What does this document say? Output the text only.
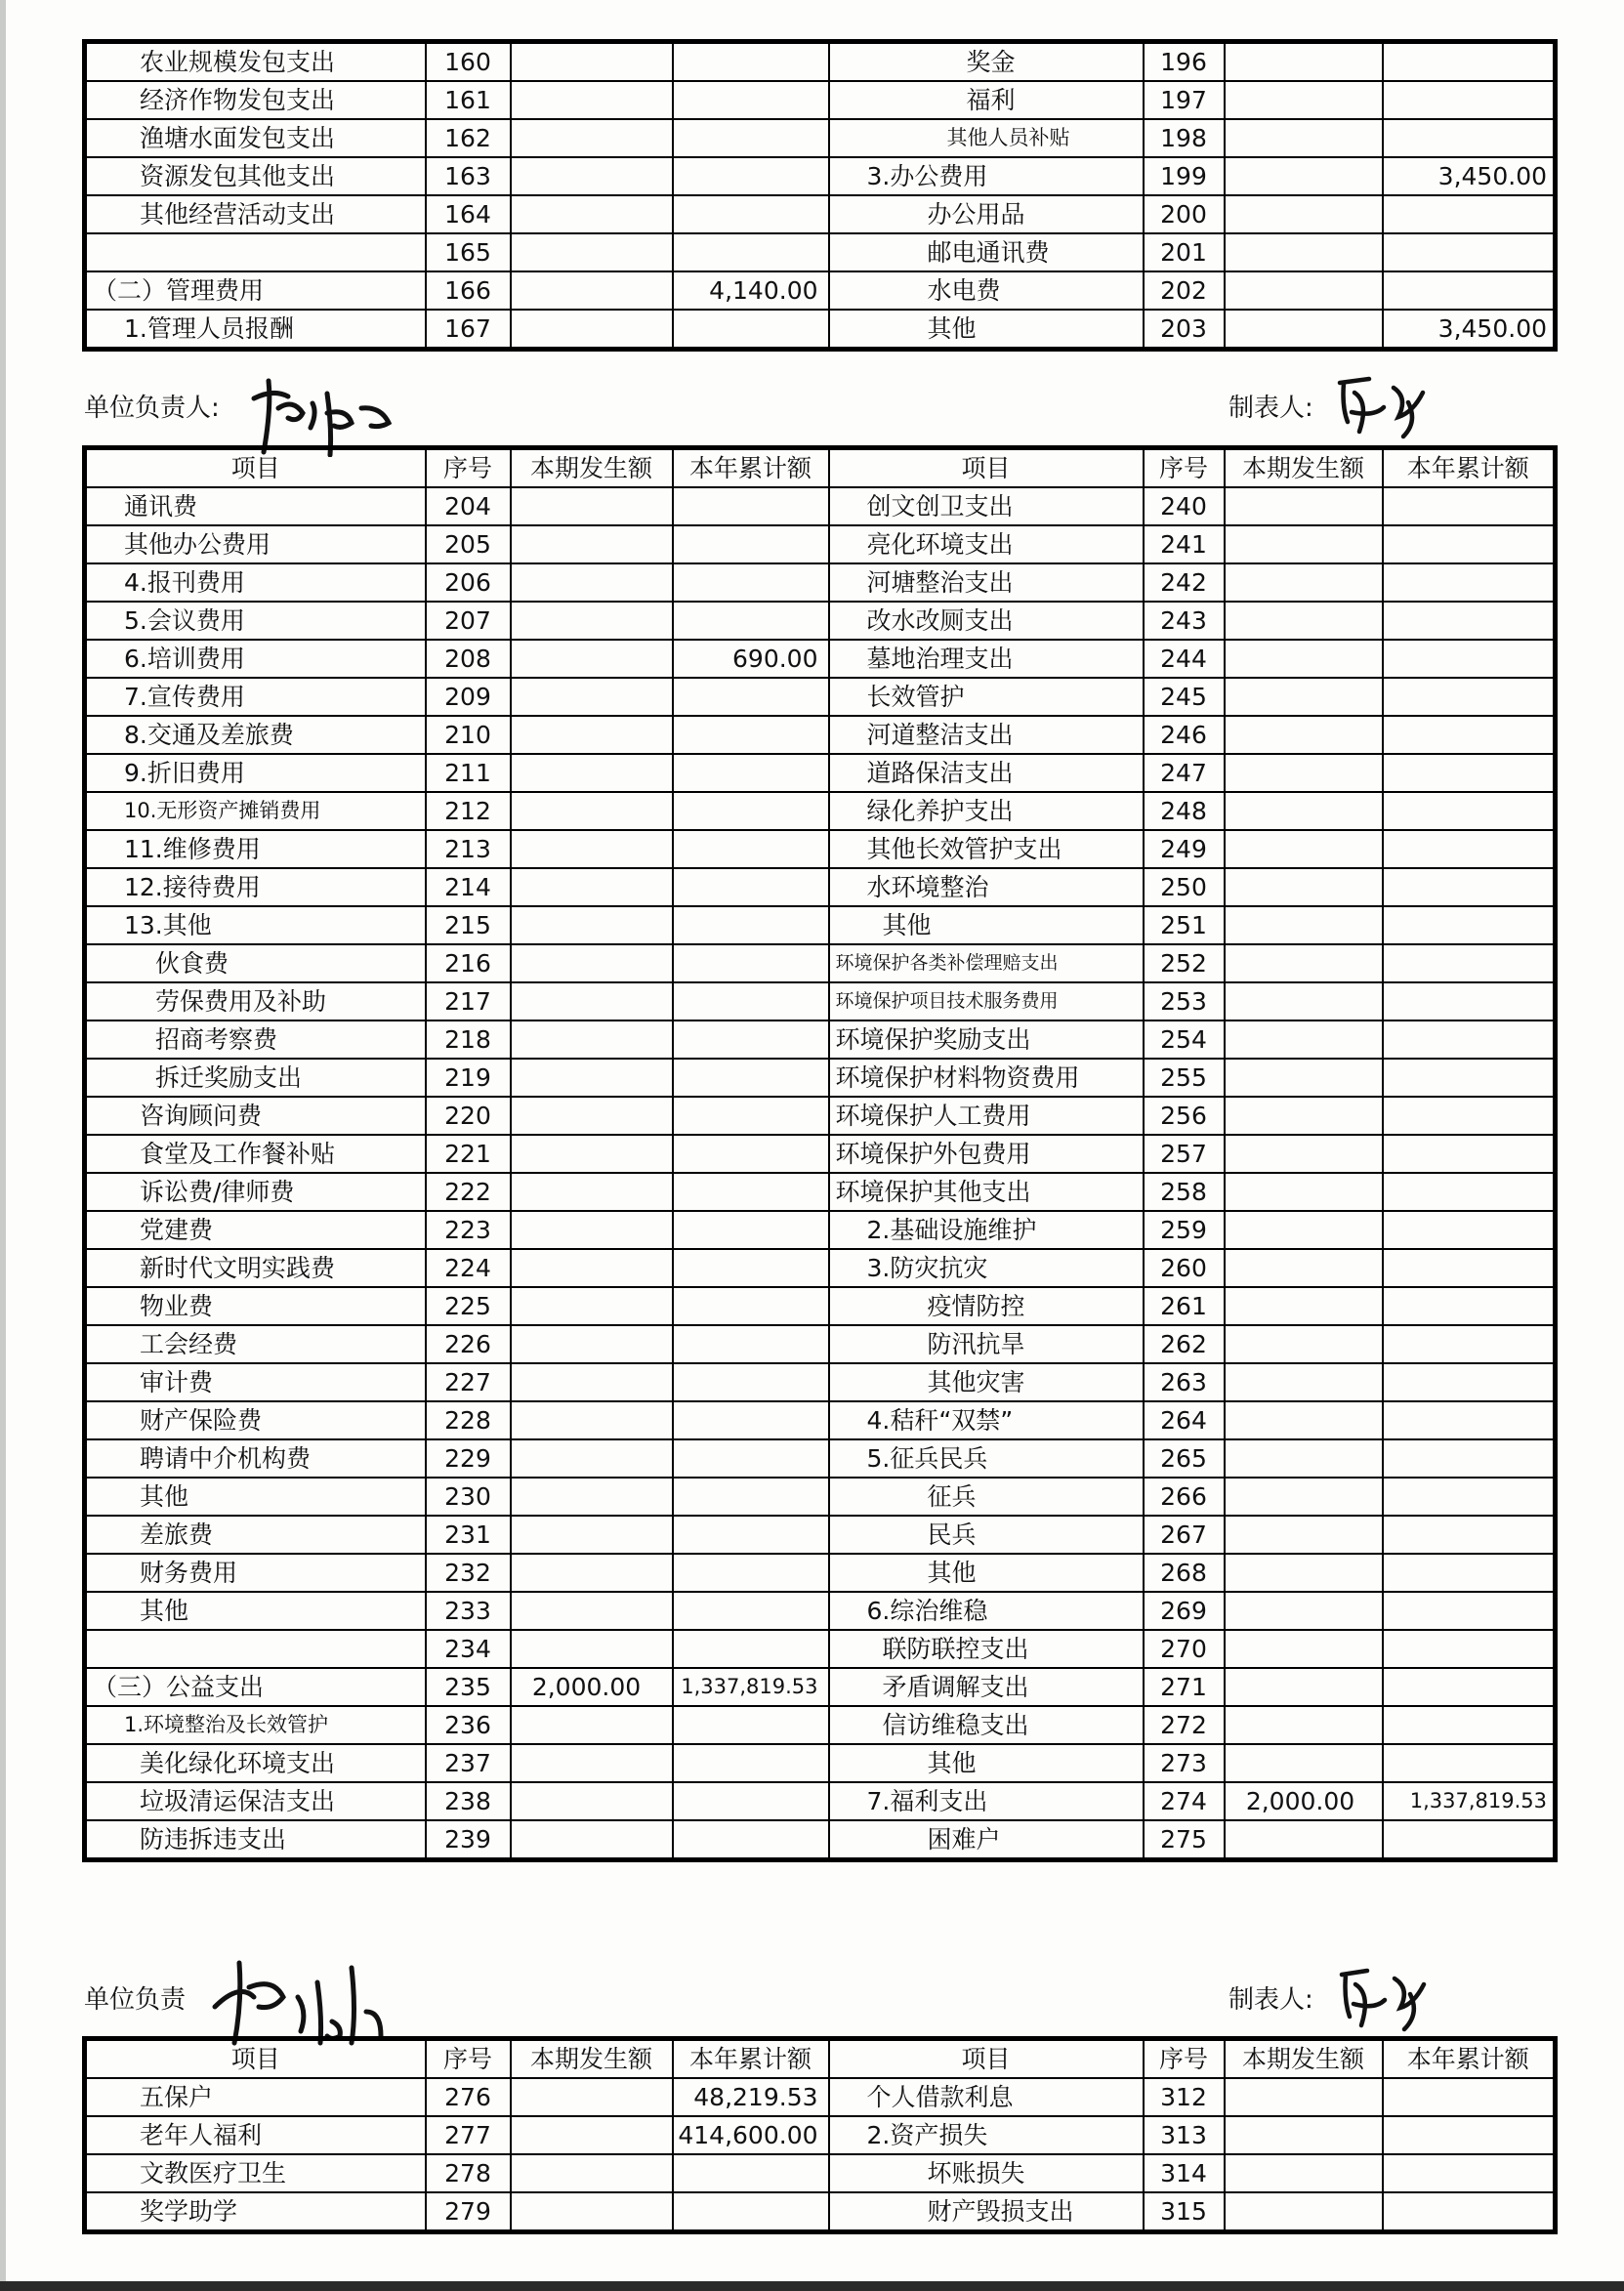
农业规模发包支出	160			奖金	196		
经济作物发包支出	161			福利	197		
渔塘水面发包支出	162			其他人员补贴	198		
资源发包其他支出	163			3.办公费用	199		3,450.00
其他经营活动支出	164			办公用品	200		
	165			邮电通讯费	201		
（二）管理费用	166		4,140.00	水电费	202		
1.管理人员报酬	167			其他	203		3,450.00
单位负责人:	制表人:
项目	序号	本期发生额	本年累计额	项目	序号	本期发生额	本年累计额
通讯费	204			创文创卫支出	240		
其他办公费用	205			亮化环境支出	241		
4.报刊费用	206			河塘整治支出	242		
5.会议费用	207			改水改厕支出	243		
6.培训费用	208		690.00	墓地治理支出	244		
7.宣传费用	209			长效管护	245		
8.交通及差旅费	210			河道整洁支出	246		
9.折旧费用	211			道路保洁支出	247		
10.无形资产摊销费用	212			绿化养护支出	248		
11.维修费用	213			其他长效管护支出	249		
12.接待费用	214			水环境整治	250		
13.其他	215			其他	251		
伙食费	216			环境保护各类补偿理赔支出	252		
劳保费用及补助	217			环境保护项目技术服务费用	253		
招商考察费	218			环境保护奖励支出	254		
拆迁奖励支出	219			环境保护材料物资费用	255		
咨询顾问费	220			环境保护人工费用	256		
食堂及工作餐补贴	221			环境保护外包费用	257		
诉讼费/律师费	222			环境保护其他支出	258		
党建费	223			2.基础设施维护	259		
新时代文明实践费	224			3.防灾抗灾	260		
物业费	225			疫情防控	261		
工会经费	226			防汛抗旱	262		
审计费	227			其他灾害	263		
财产保险费	228			4.秸秆“双禁”	264		
聘请中介机构费	229			5.征兵民兵	265		
其他	230			征兵	266		
差旅费	231			民兵	267		
财务费用	232			其他	268		
其他	233			6.综治维稳	269		
	234			联防联控支出	270		
（三）公益支出	235	2,000.00	1,337,819.53	矛盾调解支出	271		
1.环境整治及长效管护	236			信访维稳支出	272		
美化绿化环境支出	237			其他	273		
垃圾清运保洁支出	238			7.福利支出	274	2,000.00	1,337,819.53
防违拆违支出	239			困难户	275		
单位负责	制表人:
项目	序号	本期发生额	本年累计额	项目	序号	本期发生额	本年累计额
五保户	276		48,219.53	个人借款利息	312		
老年人福利	277		414,600.00	2.资产损失	313		
文教医疗卫生	278			坏账损失	314		
奖学助学	279			财产毁损支出	315		
